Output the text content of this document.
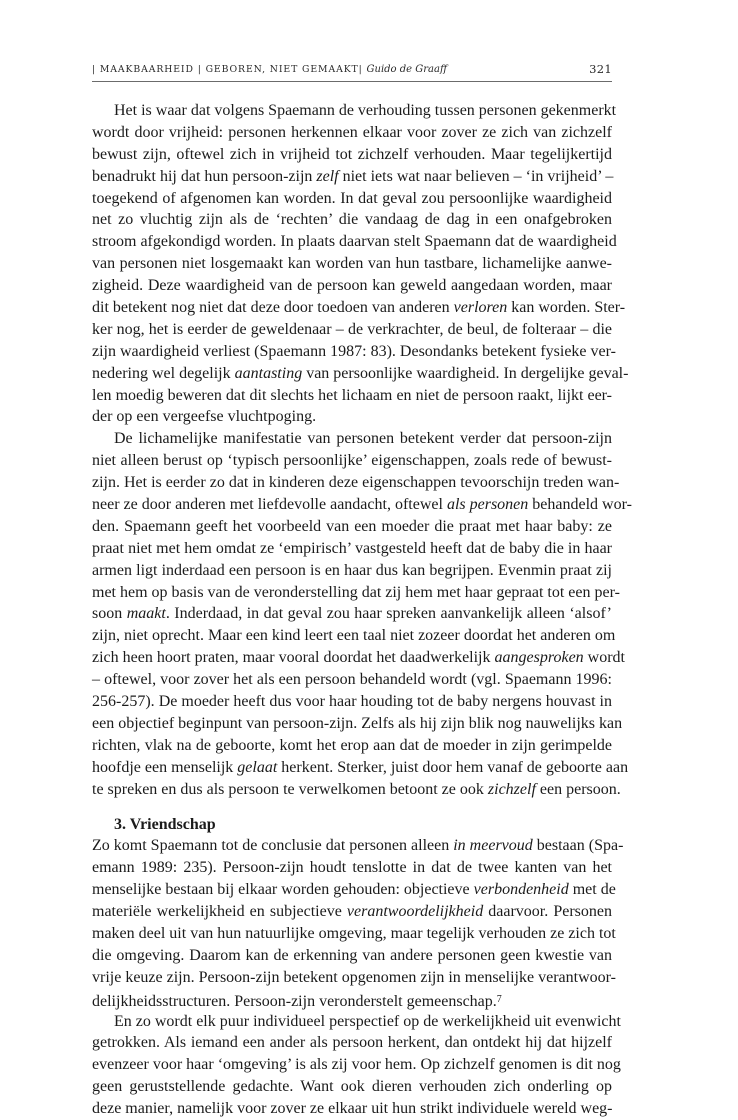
| MAAKBAARHEID | GEBOREN, NIET GEMAAKT| Guido de Graaff	321
Het is waar dat volgens Spaemann de verhouding tussen personen gekenmerkt
wordt door vrijheid: personen herkennen elkaar voor zover ze zich van zichzelf
bewust zijn, oftewel zich in vrijheid tot zichzelf verhouden. Maar tegelijkertijd
benadrukt hij dat hun persoon-zijn zelf niet iets wat naar believen – ‘in vrijheid’ –
toegekend of afgenomen kan worden. In dat geval zou persoonlijke waardigheid
net zo vluchtig zijn als de ‘rechten’ die vandaag de dag in een onafgebroken
stroom afgekondigd worden. In plaats daarvan stelt Spaemann dat de waardigheid
van personen niet losgemaakt kan worden van hun tastbare, lichamelijke aanwe-
zigheid. Deze waardigheid van de persoon kan geweld aangedaan worden, maar
dit betekent nog niet dat deze door toedoen van anderen verloren kan worden. Ster-
ker nog, het is eerder de geweldenaar – de verkrachter, de beul, de folteraar – die
zijn waardigheid verliest (Spaemann 1987: 83). Desondanks betekent fysieke ver-
nedering wel degelijk aantasting van persoonlijke waardigheid. In dergelijke geval-
len moedig beweren dat dit slechts het lichaam en niet de persoon raakt, lijkt eer-
der op een vergeefse vluchtpoging.
De lichamelijke manifestatie van personen betekent verder dat persoon-zijn
niet alleen berust op ‘typisch persoonlijke’ eigenschappen, zoals rede of bewust-
zijn. Het is eerder zo dat in kinderen deze eigenschappen tevoorschijn treden wan-
neer ze door anderen met liefdevolle aandacht, oftewel als personen behandeld wor-
den. Spaemann geeft het voorbeeld van een moeder die praat met haar baby: ze
praat niet met hem omdat ze ‘empirisch’ vastgesteld heeft dat de baby die in haar
armen ligt inderdaad een persoon is en haar dus kan begrijpen. Evenmin praat zij
met hem op basis van de veronderstelling dat zij hem met haar gepraat tot een per-
soon maakt. Inderdaad, in dat geval zou haar spreken aanvankelijk alleen ‘alsof’
zijn, niet oprecht. Maar een kind leert een taal niet zozeer doordat het anderen om
zich heen hoort praten, maar vooral doordat het daadwerkelijk aangesproken wordt
– oftewel, voor zover het als een persoon behandeld wordt (vgl. Spaemann 1996:
256-257). De moeder heeft dus voor haar houding tot de baby nergens houvast in
een objectief beginpunt van persoon-zijn. Zelfs als hij zijn blik nog nauwelijks kan
richten, vlak na de geboorte, komt het erop aan dat de moeder in zijn gerimpelde
hoofdje een menselijk gelaat herkent. Sterker, juist door hem vanaf de geboorte aan
te spreken en dus als persoon te verwelkomen betoont ze ook zichzelf een persoon.
3. Vriendschap
Zo komt Spaemann tot de conclusie dat personen alleen in meervoud bestaan (Spa-
emann 1989: 235). Persoon-zijn houdt tenslotte in dat de twee kanten van het
menselijke bestaan bij elkaar worden gehouden: objectieve verbondenheid met de
materiële werkelijkheid en subjectieve verantwoordelijkheid daarvoor. Personen
maken deel uit van hun natuurlijke omgeving, maar tegelijk verhouden ze zich tot
die omgeving. Daarom kan de erkenning van andere personen geen kwestie van
vrije keuze zijn. Persoon-zijn betekent opgenomen zijn in menselijke verantwoor-
delijkheidsstructuren. Persoon-zijn veronderstelt gemeenschap.$^7$
En zo wordt elk puur individueel perspectief op de werkelijkheid uit evenwicht
getrokken. Als iemand een ander als persoon herkent, dan ontdekt hij dat hijzelf
evenzeer voor haar ‘omgeving’ is als zij voor hem. Op zichzelf genomen is dit nog
geen geruststellende gedachte. Want ook dieren verhouden zich onderling op
deze manier, namelijk voor zover ze elkaar uit hun strikt individuele wereld weg-
